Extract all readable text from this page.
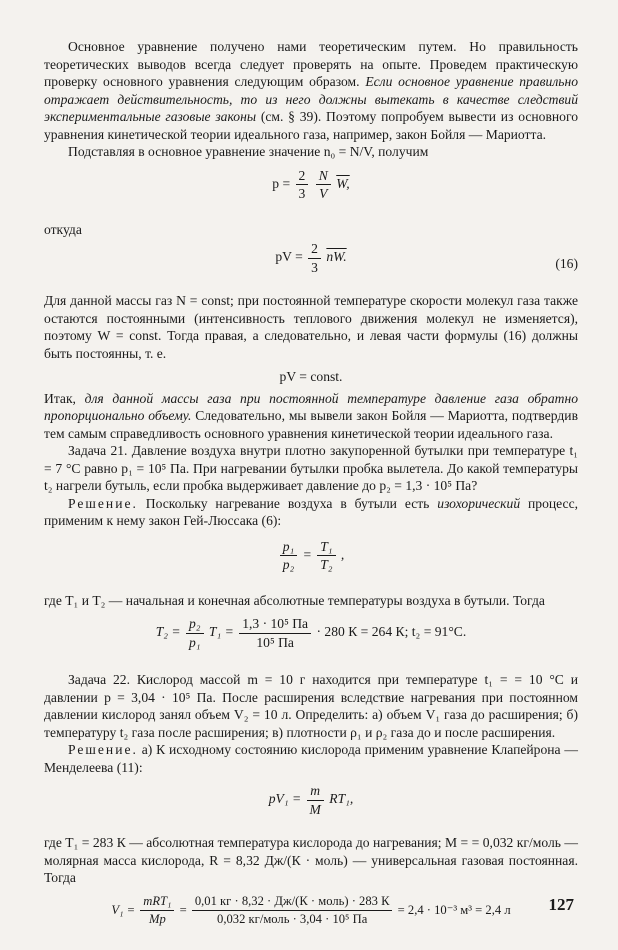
Основное уравнение получено нами теоретическим путем. Но правильность теоретических выводов всегда следует проверять на опыте. Проведем практическую проверку основного уравнения следующим образом. Если основное уравнение правильно отражает действительность, то из него должны вытекать в качестве следствий экспериментальные газовые законы (см. § 39). Поэтому попробуем вывести из основного уравнения кинетической теории идеального газа, например, закон Бойля — Мариотта.

Подставляя в основное уравнение значение n₀ = N/V, получим

$p = \frac{2}{3}$
$\frac{N}{V} W$,

откуда

pV = $\frac{2}{3}$ nW.	(16)

Для данной массы газ N = const; при постоянной температуре скорости молекул газа также остаются постоянными (интенсивность теплового движения молекул не изменяется), поэтому W = const. Тогда правая, а следовательно, и левая части формулы (16) должны быть постоянны, т. е.

pV = const.

Итак, для данной массы газа при постоянной температуре давление газа обратно пропорционально объему. Следовательно, мы вывели закон Бойля — Мариотта, подтвердив тем самым справедливость основного уравнения кинетической теории идеального газа.

Задача 21. Давление воздуха внутри плотно закупоренной бутылки при температуре t₁ = 7 °С равно p₁ = 10⁵ Па. При нагревании бутылки пробка вылетела. До какой температуры t₂ нагрели бутыль, если пробка выдерживает давление до p₂ = 1,3 · 10⁵ Па?

Решение. Поскольку нагревание воздуха в бутыли есть изохорический процесс, применим к нему закон Гей-Люссака (6):

$\frac{\text{p₁}}{\text{p₂}} = \frac{\text{T₁}}{\text{T₂}}$ ,

где T₁ и T₂ — начальная и конечная абсолютные температуры воздуха в бутыли. Тогда

$T_2 = \frac{\text{p₂}}{\text{p₁}} T_1 = \frac{\text{1,3 · 10⁵ Па}}{\text{10⁵ Па}} \cdot 280$ К = 264 К; t₂ = 91°С.

Задача 22. Кислород массой m = 10 г находится при температуре t₁ = = 10 °С и давлении p = 3,04 · 10⁵ Па. После расширения вследствие нагревания при постоянном давлении кислород занял объем V₂ = 10 л. Определить: а) объем V₁ газа до расширения; б) температуру t₂ газа после расширения; в) плотности ρ₁ и ρ₂ газа до и после расширения.

Решение. а) К исходному состоянию кислорода применим уравнение Клапейрона — Менделеева (11):

$pV_1 = \frac{m}{M} RT_1$,

где T₁ = 283 К — абсолютная температура кислорода до нагревания; M = = 0,032 кг/моль — молярная масса кислорода, R = 8,32 Дж/(К · моль) — универсальная газовая постоянная. Тогда

$V_1 = \frac{\text{mRT₁}}{Mp} = \frac{\text{0,01 кг · 8,32 · Дж/(К · моль) · 283 К}}{\text{0,032 кг/моль · 3,04 · 10⁵ Па}} = 2,4 \cdot 10^{-3}$ м³ = 2,4 л	127
